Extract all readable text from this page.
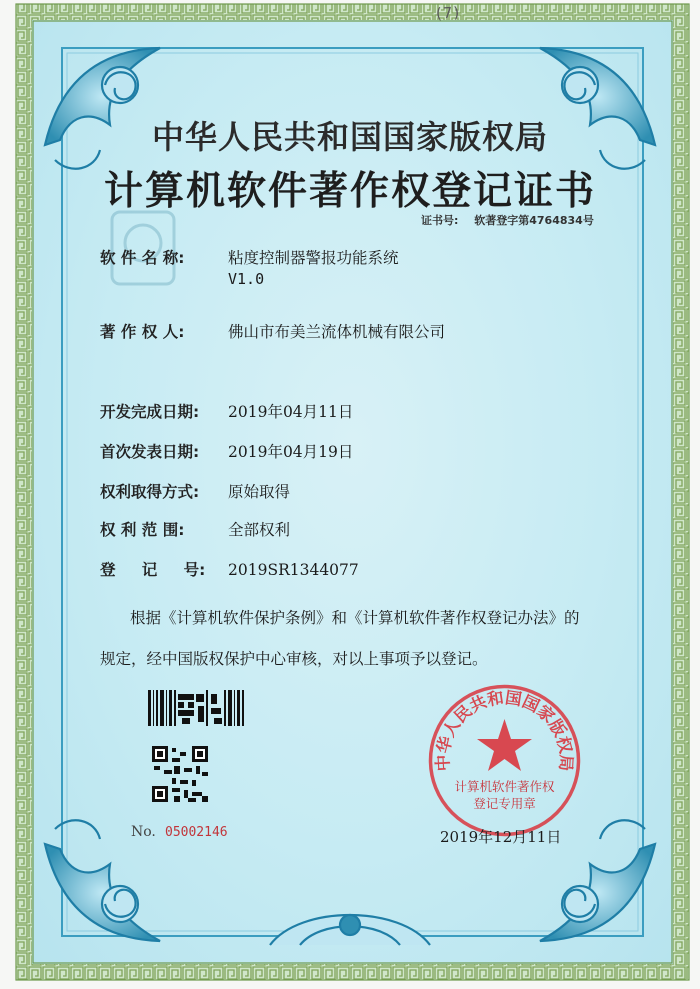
(7)
中华人民共和国国家版权局
计算机软件著作权登记证书
证书号: 软著登字第4764834号
软 件 名 称:	粘度控制器警报功能系统
V1.0
著 作 权 人:	佛山市布美兰流体机械有限公司
开发完成日期: 2019年04月11日
首次发表日期: 2019年04月19日
权利取得方式: 原始取得
权 利 范 围:	全部权利
登 　 记 　 号: 2019SR1344077
根据《计算机软件保护条例》和《计算机软件著作权登记办法》的
规定，经中国版权保护中心审核，对以上事项予以登记。
No. 05002146
中华人民共和国国家版权局
计算机软件著作权
登记专用章
2019年12月11日
